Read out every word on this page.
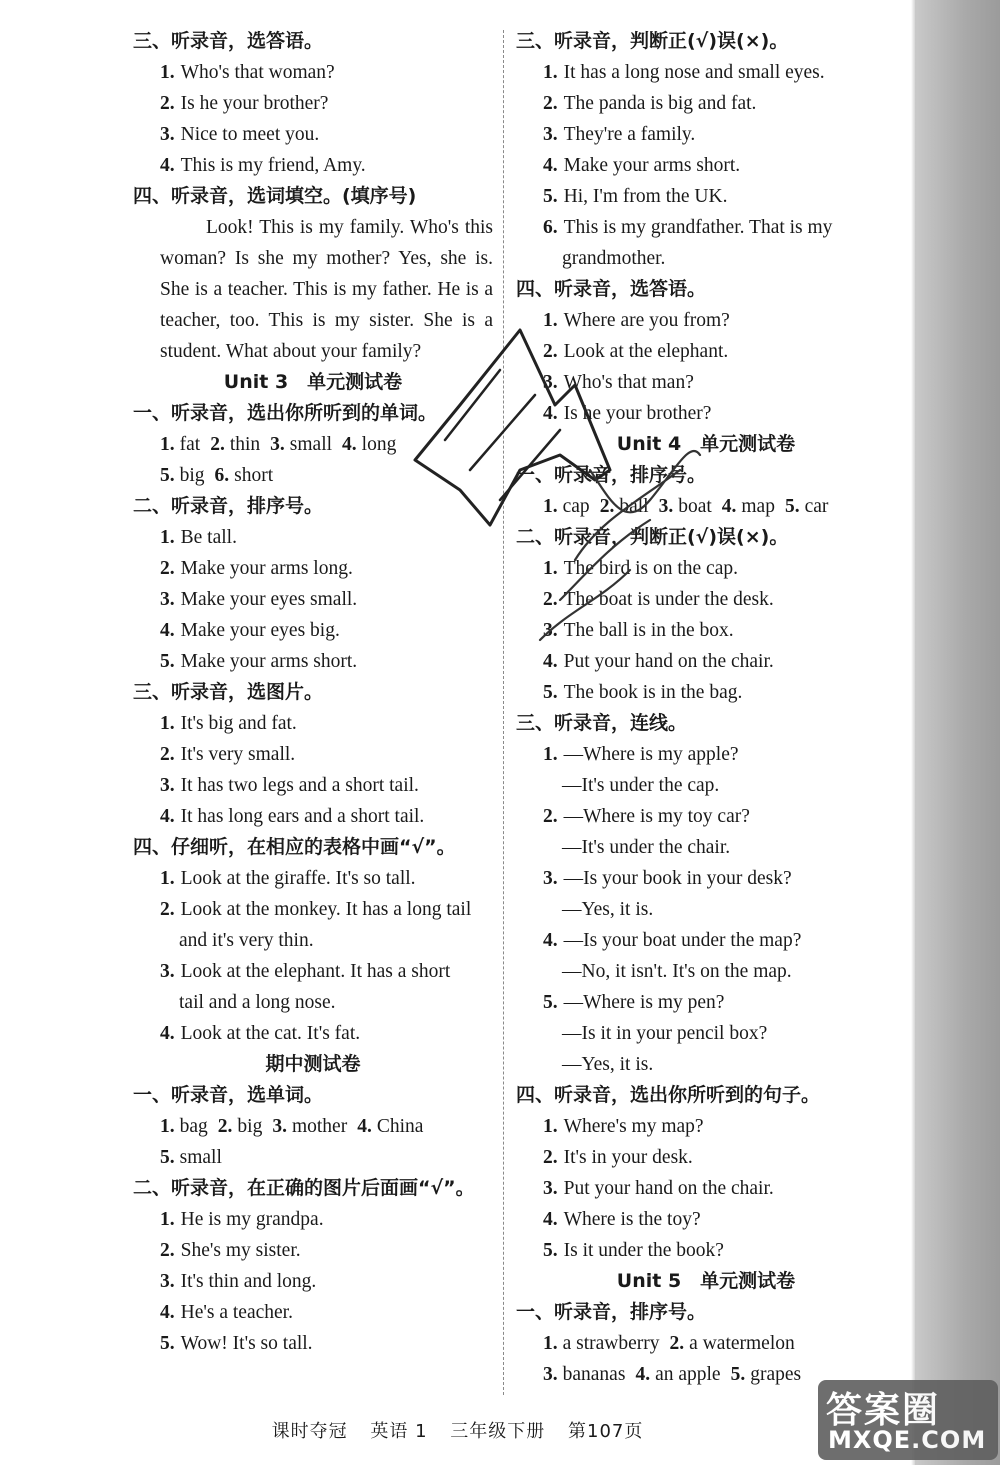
三、听录音，选答语。
1. Who's that woman?
2. Is he your brother?
3. Nice to meet you.
4. This is my friend, Amy.
四、听录音，选词填空。(填序号)

Look! This is my family. Who's this woman? Is she my mother? Yes, she is. She is a teacher. This is my father. He is a teacher, too. This is my sister. She is a student. What about your family?

Unit 3　单元测试卷
一、听录音，选出你所听到的单词。
1. fat 2. thin 3. small 4. long
5. big 6. short
二、听录音，排序号。
1. Be tall.
2. Make your arms long.
3. Make your eyes small.
4. Make your eyes big.
5. Make your arms short.
三、听录音，选图片。
1. It's big and fat.
2. It's very small.
3. It has two legs and a short tail.
4. It has long ears and a short tail.
四、仔细听，在相应的表格中画“√”。
1. Look at the giraffe. It's so tall.
2. Look at the monkey. It has a long tail
and it's very thin.
3. Look at the elephant. It has a short
tail and a long nose.
4. Look at the cat. It's fat.
期中测试卷
一、听录音，选单词。
1. bag 2. big 3. mother 4. China
5. small
二、听录音，在正确的图片后面画“√”。
1. He is my grandpa.
2. She's my sister.
3. It's thin and long.
4. He's a teacher.
5. Wow! It's so tall.
三、听录音，判断正(√)误(×)。
1. It has a long nose and small eyes.
2. The panda is big and fat.
3. They're a family.
4. Make your arms short.
5. Hi, I'm from the UK.
6. This is my grandfather. That is my
grandmother.
四、听录音，选答语。
1. Where are you from?
2. Look at the elephant.
3. Who's that man?
4. Is he your brother?
Unit 4　单元测试卷
一、听录音，排序号。
1. cap 2. ball 3. boat 4. map 5. car
二、听录音，判断正(√)误(×)。
1. The bird is on the cap.
2. The boat is under the desk.
3. The ball is in the box.
4. Put your hand on the chair.
5. The book is in the bag.
三、听录音，连线。
1. —Where is my apple?
—It's under the cap.
2. —Where is my toy car?
—It's under the chair.
3. —Is your book in your desk?
—Yes, it is.
4. —Is your boat under the map?
—No, it isn't. It's on the map.
5. —Where is my pen?
—Is it in your pencil box?
—Yes, it is.
四、听录音，选出你所听到的句子。
1. Where's my map?
2. It's in your desk.
3. Put your hand on the chair.
4. Where is the toy?
5. Is it under the book?
Unit 5　单元测试卷
一、听录音，排序号。
1. a strawberry 2. a watermelon
3. bananas 4. an apple 5. grapes
课时夺冠 英语 1 三年级下册 第107页
答案圈
MXQE.COM
